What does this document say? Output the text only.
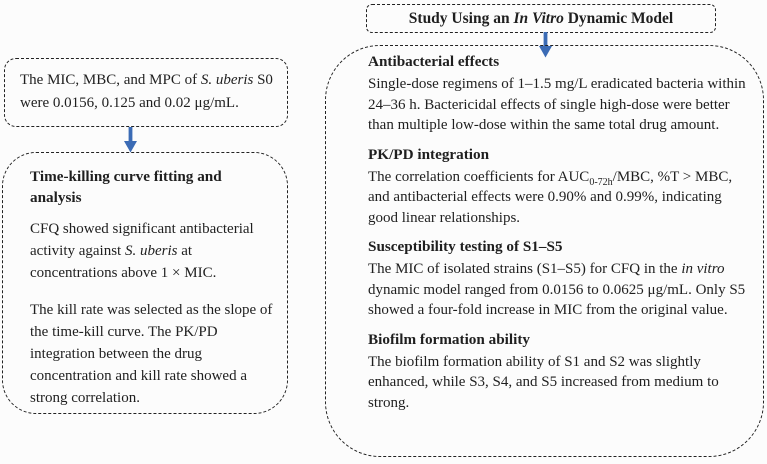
Study Using an In Vitro Dynamic Model
The MIC, MBC, and MPC of S. uberis S0 were 0.0156, 0.125 and 0.02 μg/mL.
Time-killing curve fitting and analysis

CFQ showed significant antibacterial activity against S. uberis at concentrations above 1 × MIC.

The kill rate was selected as the slope of the time-kill curve. The PK/PD  integration between the drug concentration and kill rate showed a strong correlation.

Antibacterial effects

Single-dose regimens of 1–1.5 mg/L eradicated bacteria within 24–36 h. Bactericidal effects of single high-dose were better than multiple low-dose within the same total drug amount.

PK/PD integration

The correlation coefficients for $AUC_{0-72h}$/MBC, %T > MBC, and antibacterial effects were 0.90% and 0.99%, indicating good linear relationships.

Susceptibility testing of S1–S5

The MIC of isolated strains (S1–S5) for CFQ in the in vitro dynamic model ranged from 0.0156 to 0.0625 μg/mL. Only S5 showed a four-fold increase in MIC from the original value.

Biofilm formation ability

The biofilm formation ability of S1 and S2 was slightly enhanced, while S3, S4, and S5 increased from medium to strong.
